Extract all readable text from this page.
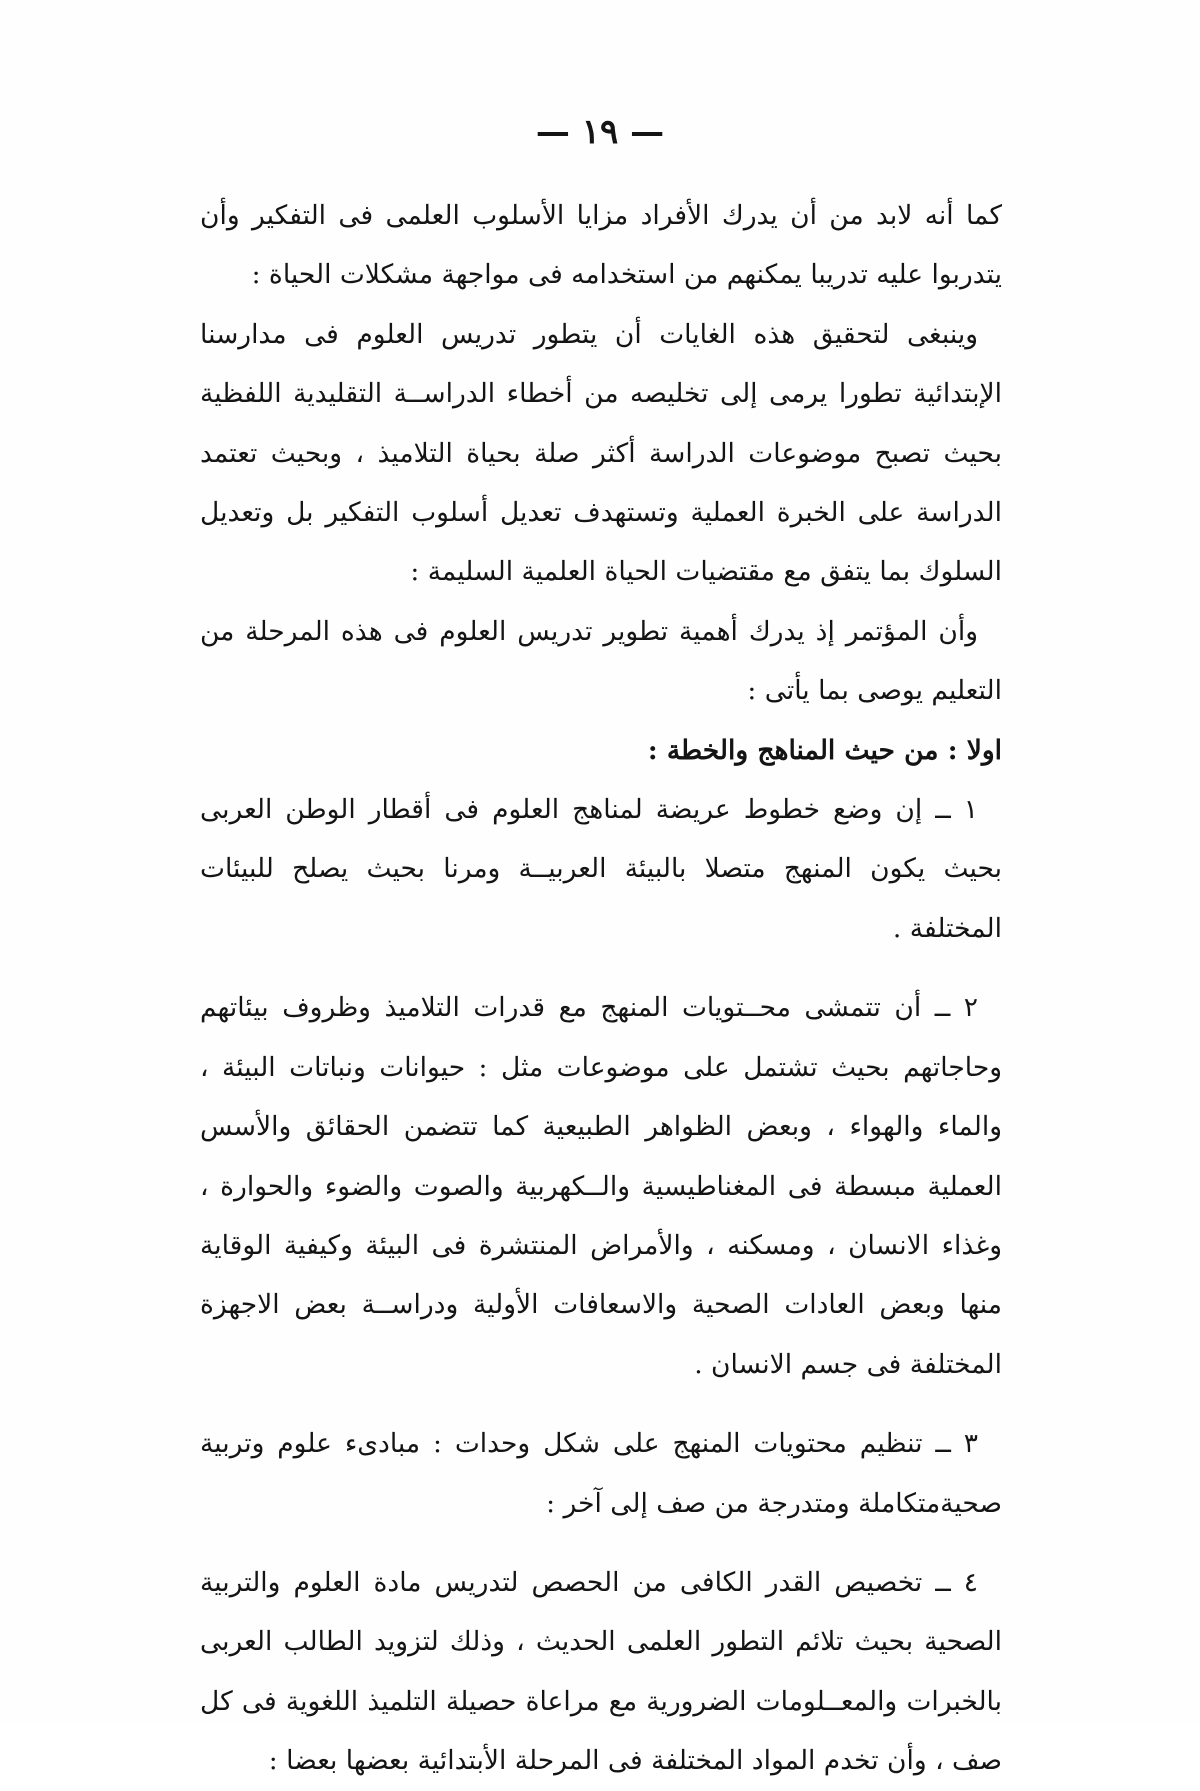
— ١٩ —

كما أنه لابد من أن يدرك الأفراد مزايا الأسلوب العلمى فى التفكير وأن يتدربوا عليه تدريبا يمكنهم من استخدامه فى مواجهة مشكلات الحياة :

وينبغى لتحقيق هذه الغايات أن يتطور تدريس العلوم فى مدارسنا الإبتدائية تطورا يرمى إلى تخليصه من أخطاء الدراســة التقليدية اللفظية بحيث تصبح موضوعات الدراسة أكثر صلة بحياة التلاميذ ، وبحيث تعتمد الدراسة على الخبرة العملية وتستهدف تعديل أسلوب التفكير بل وتعديل السلوك بما يتفق مع مقتضيات الحياة العلمية السليمة :

وأن المؤتمر إذ يدرك أهمية تطوير تدريس العلوم فى هذه المرحلة من التعليم يوصى بما يأتى :

اولا : من حيث المناهج والخطة :

١ ــ إن وضع خطوط عريضة لمناهج العلوم فى أقطار الوطن العربى بحيث يكون المنهج متصلا بالبيئة العربيــة ومرنا بحيث يصلح للبيئات المختلفة .

٢ ــ أن تتمشى محــتويات المنهج مع قدرات التلاميذ وظروف بيئاتهم وحاجاتهم بحيث تشتمل على موضوعات مثل : حيوانات ونباتات البيئة ، والماء والهواء ، وبعض الظواهر الطبيعية كما تتضمن الحقائق والأسس العملية مبسطة فى المغناطيسية والــكهربية والصوت والضوء والحوارة ، وغذاء الانسان ، ومسكنه ، والأمراض المنتشرة فى البيئة وكيفية الوقاية منها وبعض العادات الصحية والاسعافات الأولية ودراســة بعض الاجهزة المختلفة فى جسم الانسان .

٣ ــ تنظيم محتويات المنهج على شكل وحدات : مبادىء علوم وتربية صحيةمتكاملة ومتدرجة من صف إلى آخر :

٤ ــ تخصيص القدر الكافى من الحصص لتدريس مادة العلوم والتربية الصحية بحيث تلائم التطور العلمى الحديث ، وذلك لتزويد الطالب العربى بالخبرات والمعــلومات الضرورية مع مراعاة حصيلة التلميذ اللغوية فى كل صف ، وأن تخدم المواد المختلفة فى المرحلة الأبتدائية بعضها بعضا :
